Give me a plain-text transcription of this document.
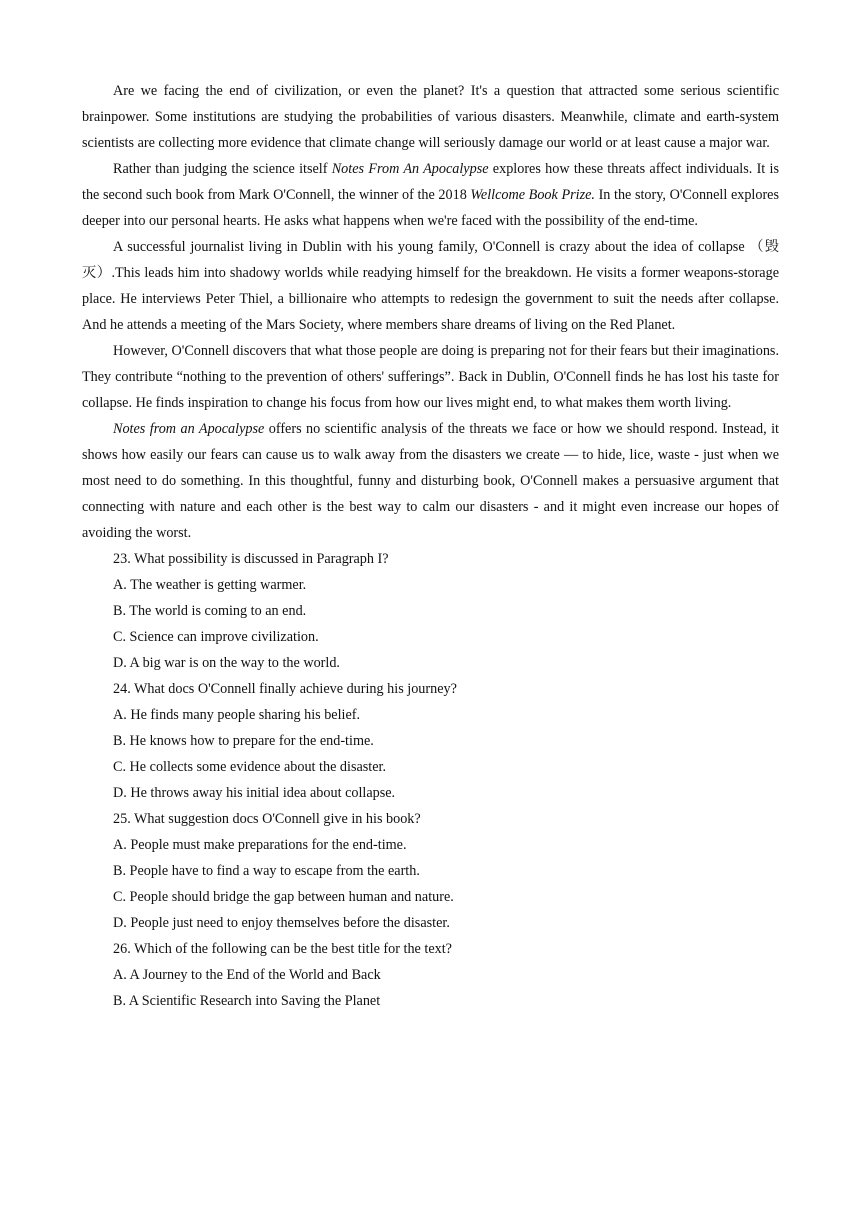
Are we facing the end of civilization, or even the planet? It's a question that attracted some serious scientific brainpower. Some institutions are studying the probabilities of various disasters. Meanwhile, climate and earth-system scientists are collecting more evidence that climate change will seriously damage our world or at least cause a major war.

Rather than judging the science itself Notes From An Apocalypse explores how these threats affect individuals. It is the second such book from Mark O'Connell, the winner of the 2018 Wellcome Book Prize. In the story, O'Connell explores deeper into our personal hearts. He asks what happens when we're faced with the possibility of the end-time.

A successful journalist living in Dublin with his young family, O'Connell is crazy about the idea of collapse （毁灭）.This leads him into shadowy worlds while readying himself for the breakdown. He visits a former weapons-storage place. He interviews Peter Thiel, a billionaire who attempts to redesign the government to suit the needs after collapse. And he attends a meeting of the Mars Society, where members share dreams of living on the Red Planet.

However, O'Connell discovers that what those people are doing is preparing not for their fears but their imaginations. They contribute “nothing to the prevention of others' sufferings”. Back in Dublin, O'Connell finds he has lost his taste for collapse. He finds inspiration to change his focus from how our lives might end, to what makes them worth living.

Notes from an Apocalypse offers no scientific analysis of the threats we face or how we should respond. Instead, it shows how easily our fears can cause us to walk away from the disasters we create — to hide, lice, waste - just when we most need to do something. In this thoughtful, funny and disturbing book, O'Connell makes a persuasive argument that connecting with nature and each other is the best way to calm our disasters - and it might even increase our hopes of avoiding the worst.

23. What possibility is discussed in Paragraph I?

A. The weather is getting warmer.

B. The world is coming to an end.

C. Science can improve civilization.

D. A big war is on the way to the world.

24. What docs O'Connell finally achieve during his journey?

A. He finds many people sharing his belief.

B. He knows how to prepare for the end-time.

C. He collects some evidence about the disaster.

D. He throws away his initial idea about collapse.

25. What suggestion docs O'Connell give in his book?

A. People must make preparations for the end-time.

B. People have to find a way to escape from the earth.

C. People should bridge the gap between human and nature.

D. People just need to enjoy themselves before the disaster.

26. Which of the following can be the best title for the text?

A. A Journey to the End of the World and Back

B. A Scientific Research into Saving the Planet
